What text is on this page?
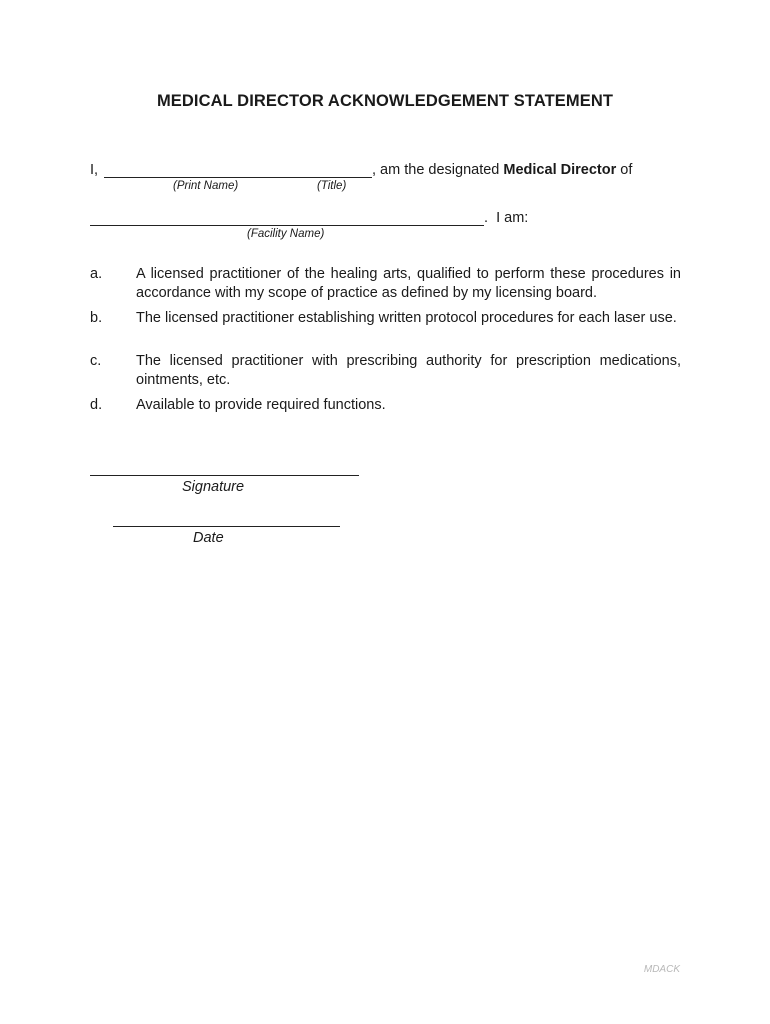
MEDICAL DIRECTOR ACKNOWLEDGEMENT STATEMENT
I,	, am the designated Medical Director of
(Print Name)	(Title)
.  I am:
(Facility Name)
a. A licensed practitioner of the healing arts, qualified to perform these procedures in accordance with my scope of practice as defined by my licensing board.
b. The licensed practitioner establishing written protocol procedures for each laser use.
c. The licensed practitioner with prescribing authority for prescription medications, ointments, etc.
d. Available to provide required functions.
Signature
Date
MDACK
